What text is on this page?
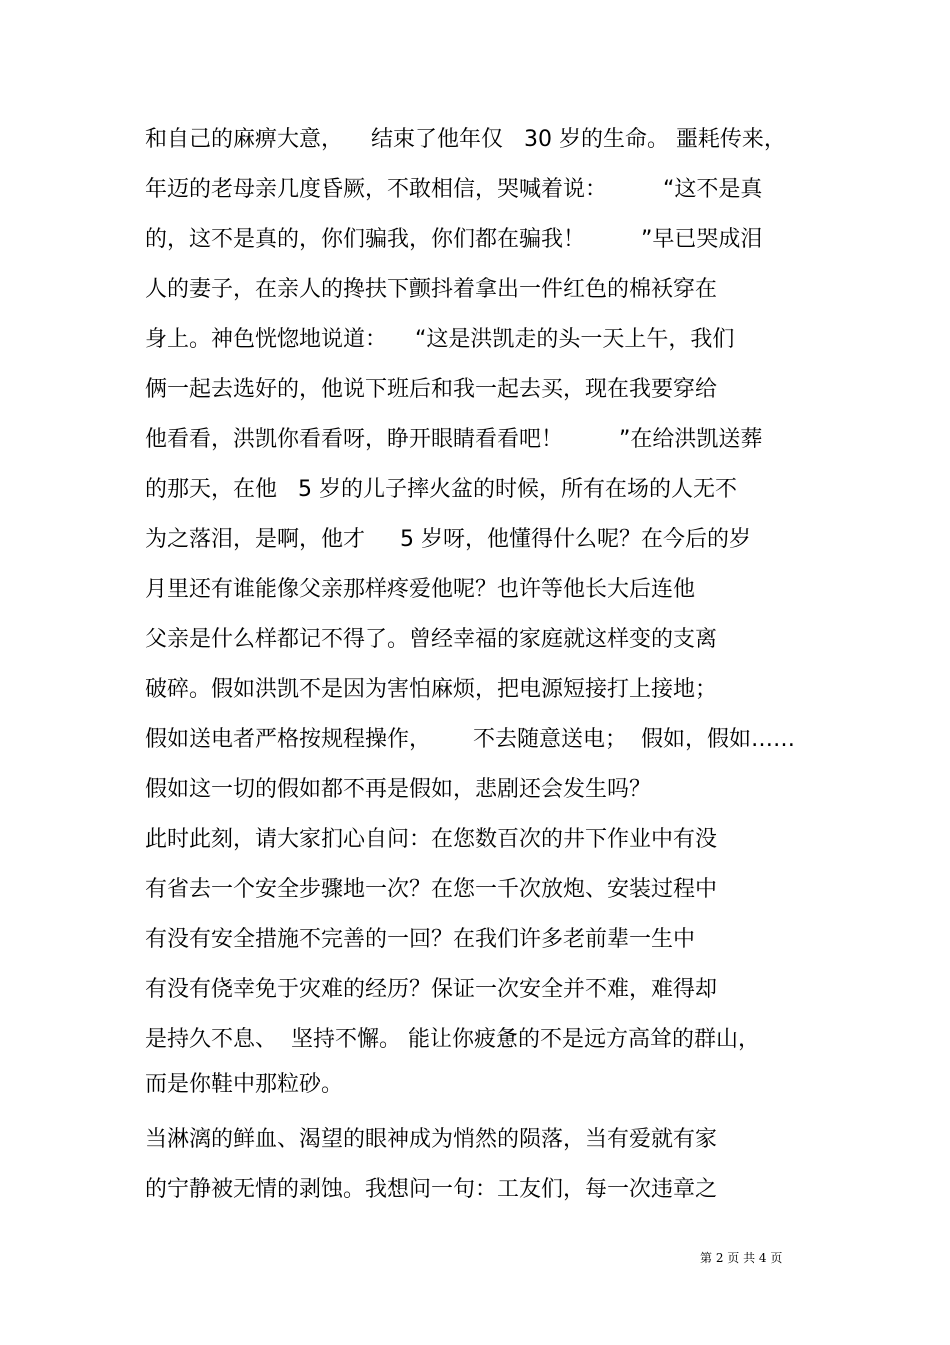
和自己的麻痹大意，    结束了他年仅   30 岁的生命。 噩耗传来，
年迈的老母亲几度昏厥，不敢相信，哭喊着说：        “这不是真
的，这不是真的，你们骗我，你们都在骗我！        ”早已哭成泪
人的妻子，在亲人的搀扶下颤抖着拿出一件红色的棉袄穿在
身上。神色恍惚地说道：    “这是洪凯走的头一天上午，我们
俩一起去选好的，他说下班后和我一起去买，现在我要穿给
他看看，洪凯你看看呀，睁开眼睛看看吧！        ”在给洪凯送葬
的那天，在他   5 岁的儿子摔火盆的时候，所有在场的人无不
为之落泪，是啊，他才     5 岁呀，他懂得什么呢？在今后的岁
月里还有谁能像父亲那样疼爱他呢？也许等他长大后连他
父亲是什么样都记不得了。曾经幸福的家庭就这样变的支离
破碎。假如洪凯不是因为害怕麻烦，把电源短接打上接地；
假如送电者严格按规程操作，      不去随意送电；  假如，假如……
假如这一切的假如都不再是假如，悲剧还会发生吗？
此时此刻，请大家扪心自问：在您数百次的井下作业中有没
有省去一个安全步骤地一次？在您一千次放炮、安装过程中
有没有安全措施不完善的一回？在我们许多老前辈一生中
有没有侥幸免于灾难的经历？保证一次安全并不难，难得却
是持久不息、  坚持不懈。 能让你疲惫的不是远方高耸的群山，
而是你鞋中那粒砂。
当淋漓的鲜血、渴望的眼神成为悄然的陨落，当有爱就有家
的宁静被无情的剥蚀。我想问一句：工友们，每一次违章之
第 2 页 共 4 页
